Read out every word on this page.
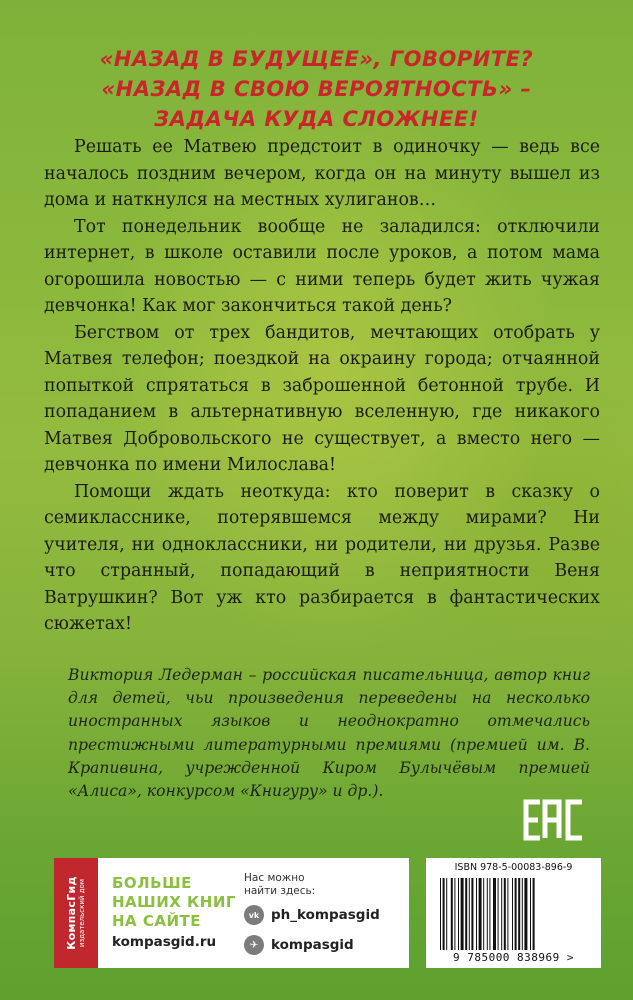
«НАЗАД В БУДУЩЕЕ», ГОВОРИТЕ?
«НАЗАД В СВОЮ ВЕРОЯТНОСТЬ» –
ЗАДАЧА КУДА СЛОЖНЕЕ!

Решать ее Матвею предстоит в одиночку — ведь все началось поздним вечером, когда он на минуту вышел из дома и наткнулся на местных хулиганов…

Тот понедельник вообще не заладился: отключили интернет, в школе оставили после уроков, а потом мама огорошила новостью — с ними теперь будет жить чужая девчонка! Как мог закончиться такой день?

Бегством от трех бандитов, мечтающих отобрать у Матвея телефон; поездкой на окраину города; отчаянной попыткой спрятаться в заброшенной бетонной трубе. И попаданием в альтернативную вселенную, где никакого Матвея Добровольского не существует, а вместо него — девчонка по имени Милослава!

Помощи ждать неоткуда: кто поверит в сказку о семикласснике, потерявшемся между мирами? Ни учителя, ни одноклассники, ни родители, ни друзья. Разве что странный, попадающий в неприятности Веня Ватрушкин? Вот уж кто разбирается в фантастических сюжетах!

Виктория Ледерман – российская писательница, автор книг для детей, чьи произведения переведены на несколько иностранных языков и неоднократно отмечались престижными литературными премиями (премией им. В. Крапивина, учрежденной Киром Булычёвым премией «Алиса», конкурсом «Книгуру» и др.).
КомпасГид издательский дом БОЛЬШЕ
НАШИХ КНИГ
НА САЙТЕ
kompasgid.ru
Нас можно
найти здесь:
vk ph_kompasgid
✈ kompasgid
ISBN 978-5-00083-896-9
9 785000 838969 >
